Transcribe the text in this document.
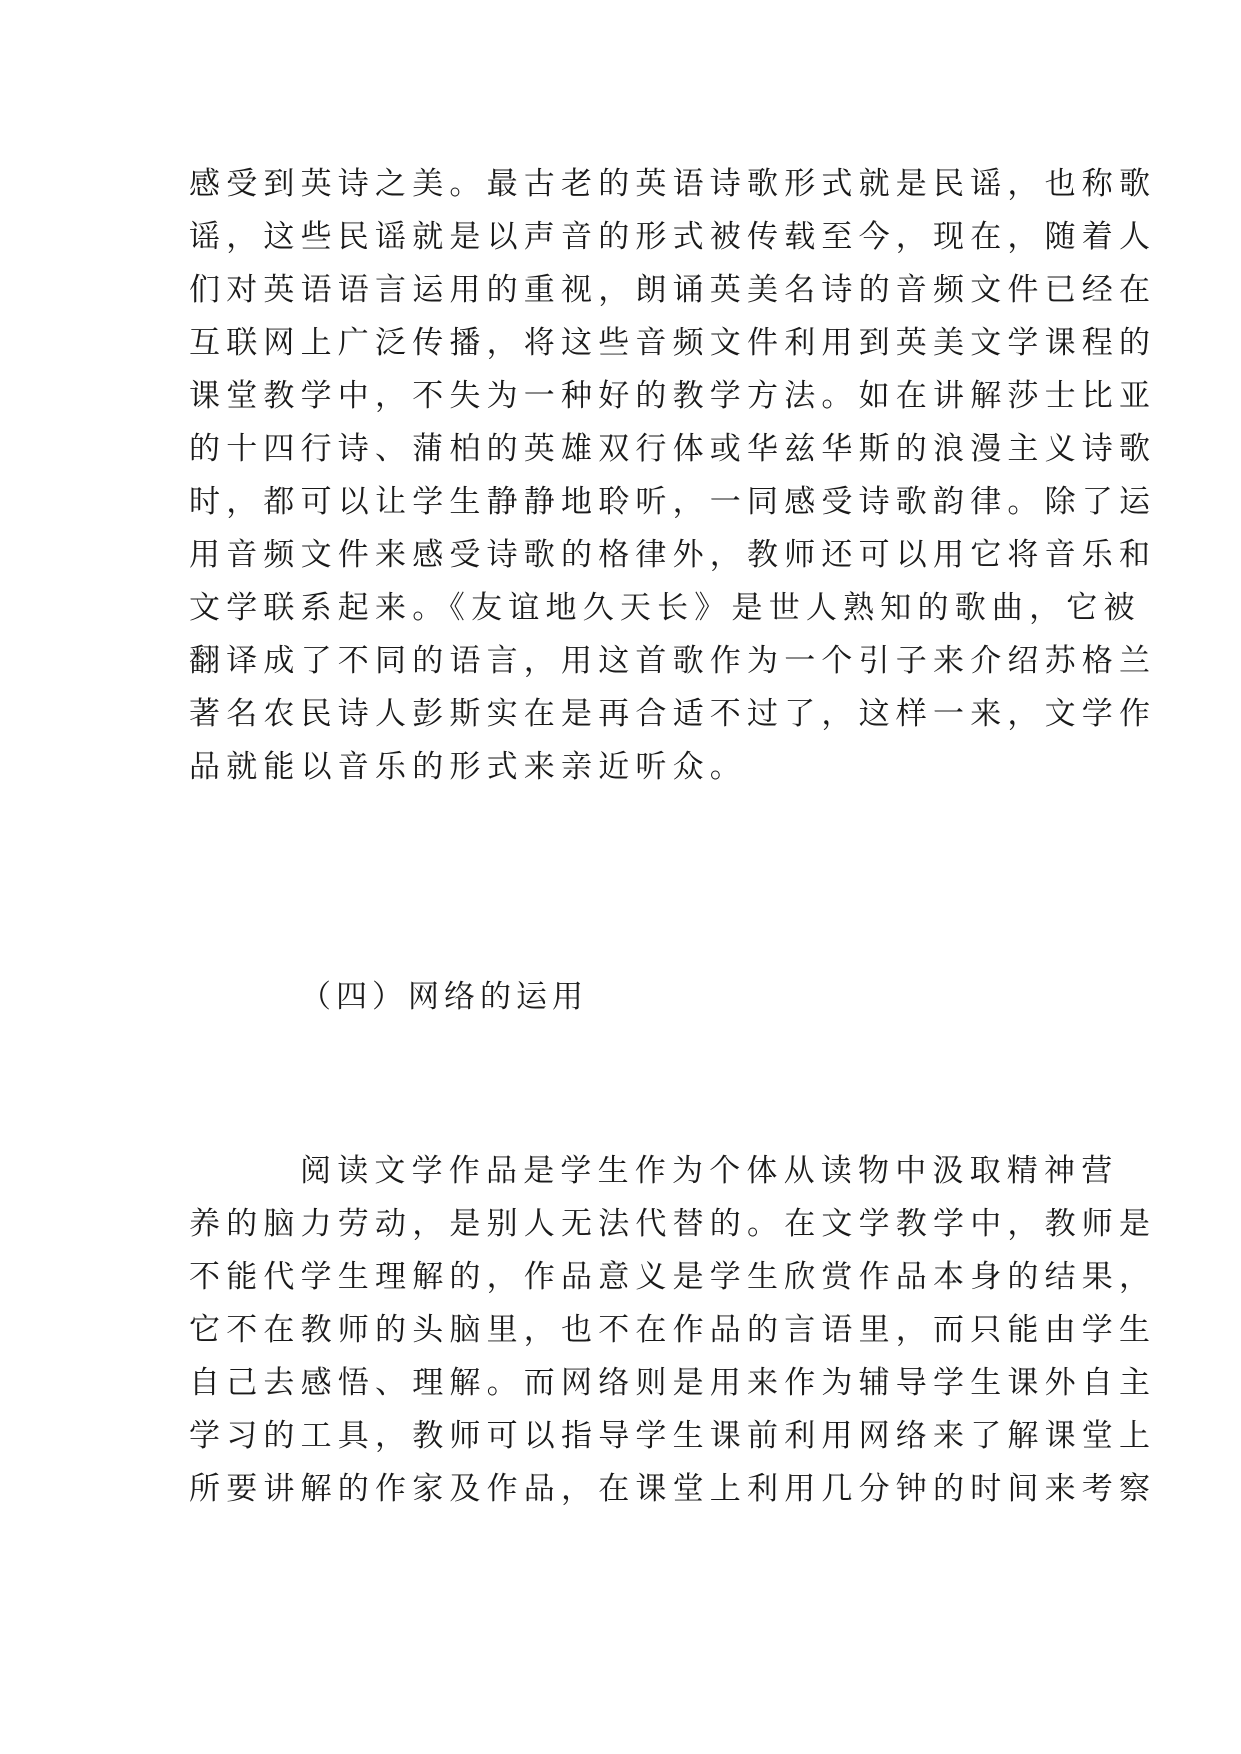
感受到英诗之美。最古老的英语诗歌形式就是民谣，也称歌
谣，这些民谣就是以声音的形式被传载至今，现在，随着人
们对英语语言运用的重视，朗诵英美名诗的音频文件已经在
互联网上广泛传播，将这些音频文件利用到英美文学课程的
课堂教学中，不失为一种好的教学方法。如在讲解莎士比亚
的十四行诗、蒲柏的英雄双行体或华兹华斯的浪漫主义诗歌
时，都可以让学生静静地聆听，一同感受诗歌韵律。除了运
用音频文件来感受诗歌的格律外，教师还可以用它将音乐和
文学联系起来。《友谊地久天长》是世人熟知的歌曲，它被
翻译成了不同的语言，用这首歌作为一个引子来介绍苏格兰
著名农民诗人彭斯实在是再合适不过了，这样一来，文学作
品就能以音乐的形式来亲近听众。
（四）网络的运用
阅读文学作品是学生作为个体从读物中汲取精神营
养的脑力劳动，是别人无法代替的。在文学教学中，教师是
不能代学生理解的，作品意义是学生欣赏作品本身的结果，
它不在教师的头脑里，也不在作品的言语里，而只能由学生
自己去感悟、理解。而网络则是用来作为辅导学生课外自主
学习的工具，教师可以指导学生课前利用网络来了解课堂上
所要讲解的作家及作品，在课堂上利用几分钟的时间来考察
